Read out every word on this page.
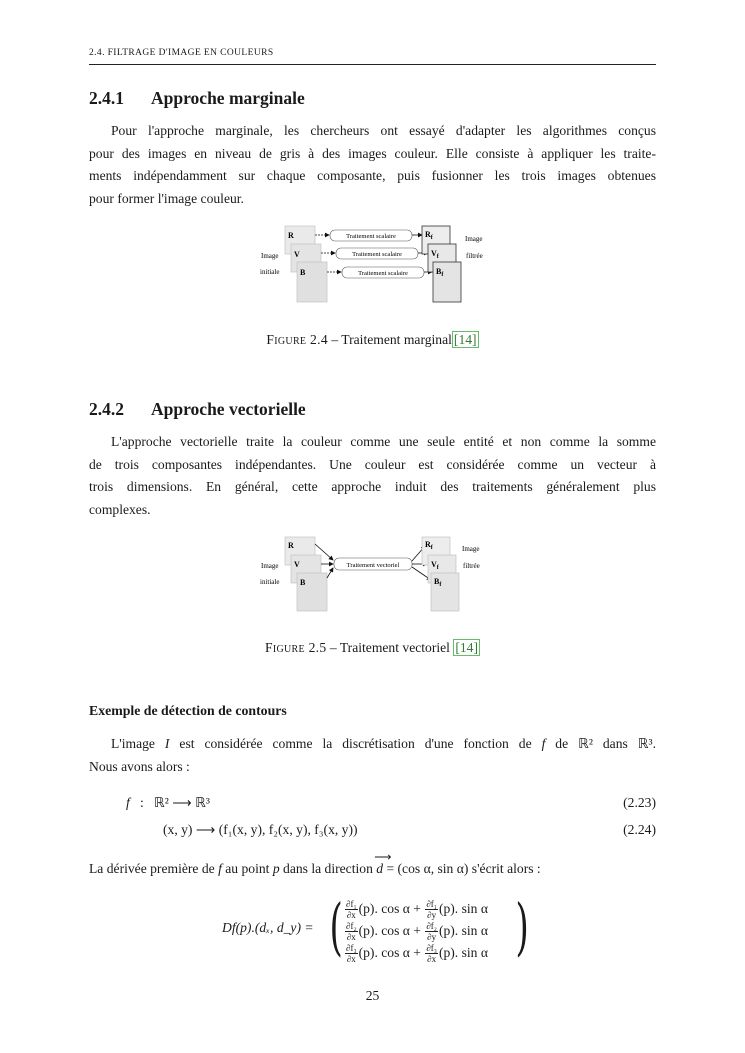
2.4. FILTRAGE D'IMAGE EN COULEURS
2.4.1 Approche marginale
Pour l'approche marginale, les chercheurs ont essayé d'adapter les algorithmes conçus
pour des images en niveau de gris à des images couleur. Elle consiste à appliquer les traite-
ments indépendamment sur chaque composante, puis fusionner les trois images obtenues
pour former l'image couleur.
R
V
B
Image
initiale
Traitement scalaire
Traitement scalaire
Traitement scalaire
$R_f$
$V_f$
$B_f$
Image
filtrée
Figure 2.4 – Traitement marginal [14]
2.4.2 Approche vectorielle
L'approche vectorielle traite la couleur comme une seule entité et non comme la somme
de trois composantes indépendantes. Une couleur est considérée comme un vecteur à
trois dimensions. En général, cette approche induit des traitements généralement plus
complexes.
R
V
B
Image
initiale
Traitement vectoriel
$R_f$
$V_f$
$B_f$
Image
filtrée
Figure 2.5 – Traitement vectoriel [14]
Exemple de détection de contours
L'image I est considérée comme la discrétisation d'une fonction de f de ℝ² dans ℝ³.
Nous avons alors :
f : ℝ² ⟶ ℝ³	(2.23)
(x, y) ⟶ (f₁(x, y), f₂(x, y), f₃(x, y))	(2.24)
La dérivée première de f au point p dans la direction
⟶
d = (cos α, sin α) s'écrit alors :
Df(p).(dₓ, d_y) = ( $\frac{\text{∂f₁}}{\partial x} (p)$. $\cos \alpha + \frac{\text{∂f₁}}{\partial y} (p)$. sin α
$\frac{\text{∂f₂}}{\partial x} (p)$. $\cos \alpha + \frac{\text{∂f₂}}{\partial y} (p)$. sin α
$\frac{\text{∂f₃}}{\partial x} (p)$. $\cos \alpha + \frac{\text{∂f₃}}{\partial x} (p)$. sin α )
25
